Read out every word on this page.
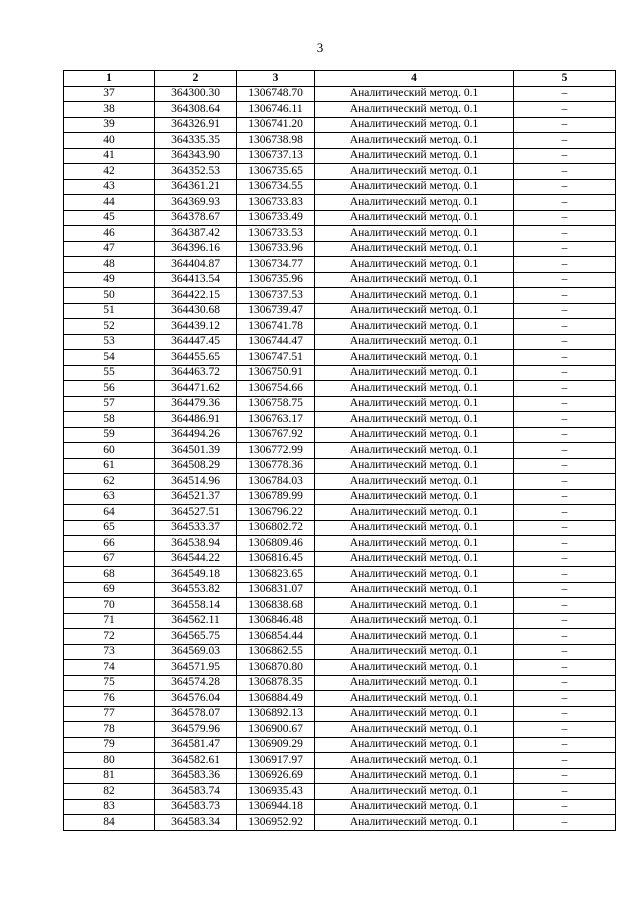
3
1	2	3	4	5
37	364300.30	1306748.70	Аналитический метод. 0.1	–
38	364308.64	1306746.11	Аналитический метод. 0.1	–
39	364326.91	1306741.20	Аналитический метод. 0.1	–
40	364335.35	1306738.98	Аналитический метод. 0.1	–
41	364343.90	1306737.13	Аналитический метод. 0.1	–
42	364352.53	1306735.65	Аналитический метод. 0.1	–
43	364361.21	1306734.55	Аналитический метод. 0.1	–
44	364369.93	1306733.83	Аналитический метод. 0.1	–
45	364378.67	1306733.49	Аналитический метод. 0.1	–
46	364387.42	1306733.53	Аналитический метод. 0.1	–
47	364396.16	1306733.96	Аналитический метод. 0.1	–
48	364404.87	1306734.77	Аналитический метод. 0.1	–
49	364413.54	1306735.96	Аналитический метод. 0.1	–
50	364422.15	1306737.53	Аналитический метод. 0.1	–
51	364430.68	1306739.47	Аналитический метод. 0.1	–
52	364439.12	1306741.78	Аналитический метод. 0.1	–
53	364447.45	1306744.47	Аналитический метод. 0.1	–
54	364455.65	1306747.51	Аналитический метод. 0.1	–
55	364463.72	1306750.91	Аналитический метод. 0.1	–
56	364471.62	1306754.66	Аналитический метод. 0.1	–
57	364479.36	1306758.75	Аналитический метод. 0.1	–
58	364486.91	1306763.17	Аналитический метод. 0.1	–
59	364494.26	1306767.92	Аналитический метод. 0.1	–
60	364501.39	1306772.99	Аналитический метод. 0.1	–
61	364508.29	1306778.36	Аналитический метод. 0.1	–
62	364514.96	1306784.03	Аналитический метод. 0.1	–
63	364521.37	1306789.99	Аналитический метод. 0.1	–
64	364527.51	1306796.22	Аналитический метод. 0.1	–
65	364533.37	1306802.72	Аналитический метод. 0.1	–
66	364538.94	1306809.46	Аналитический метод. 0.1	–
67	364544.22	1306816.45	Аналитический метод. 0.1	–
68	364549.18	1306823.65	Аналитический метод. 0.1	–
69	364553.82	1306831.07	Аналитический метод. 0.1	–
70	364558.14	1306838.68	Аналитический метод. 0.1	–
71	364562.11	1306846.48	Аналитический метод. 0.1	–
72	364565.75	1306854.44	Аналитический метод. 0.1	–
73	364569.03	1306862.55	Аналитический метод. 0.1	–
74	364571.95	1306870.80	Аналитический метод. 0.1	–
75	364574.28	1306878.35	Аналитический метод. 0.1	–
76	364576.04	1306884.49	Аналитический метод. 0.1	–
77	364578.07	1306892.13	Аналитический метод. 0.1	–
78	364579.96	1306900.67	Аналитический метод. 0.1	–
79	364581.47	1306909.29	Аналитический метод. 0.1	–
80	364582.61	1306917.97	Аналитический метод. 0.1	–
81	364583.36	1306926.69	Аналитический метод. 0.1	–
82	364583.74	1306935.43	Аналитический метод. 0.1	–
83	364583.73	1306944.18	Аналитический метод. 0.1	–
84	364583.34	1306952.92	Аналитический метод. 0.1	–
